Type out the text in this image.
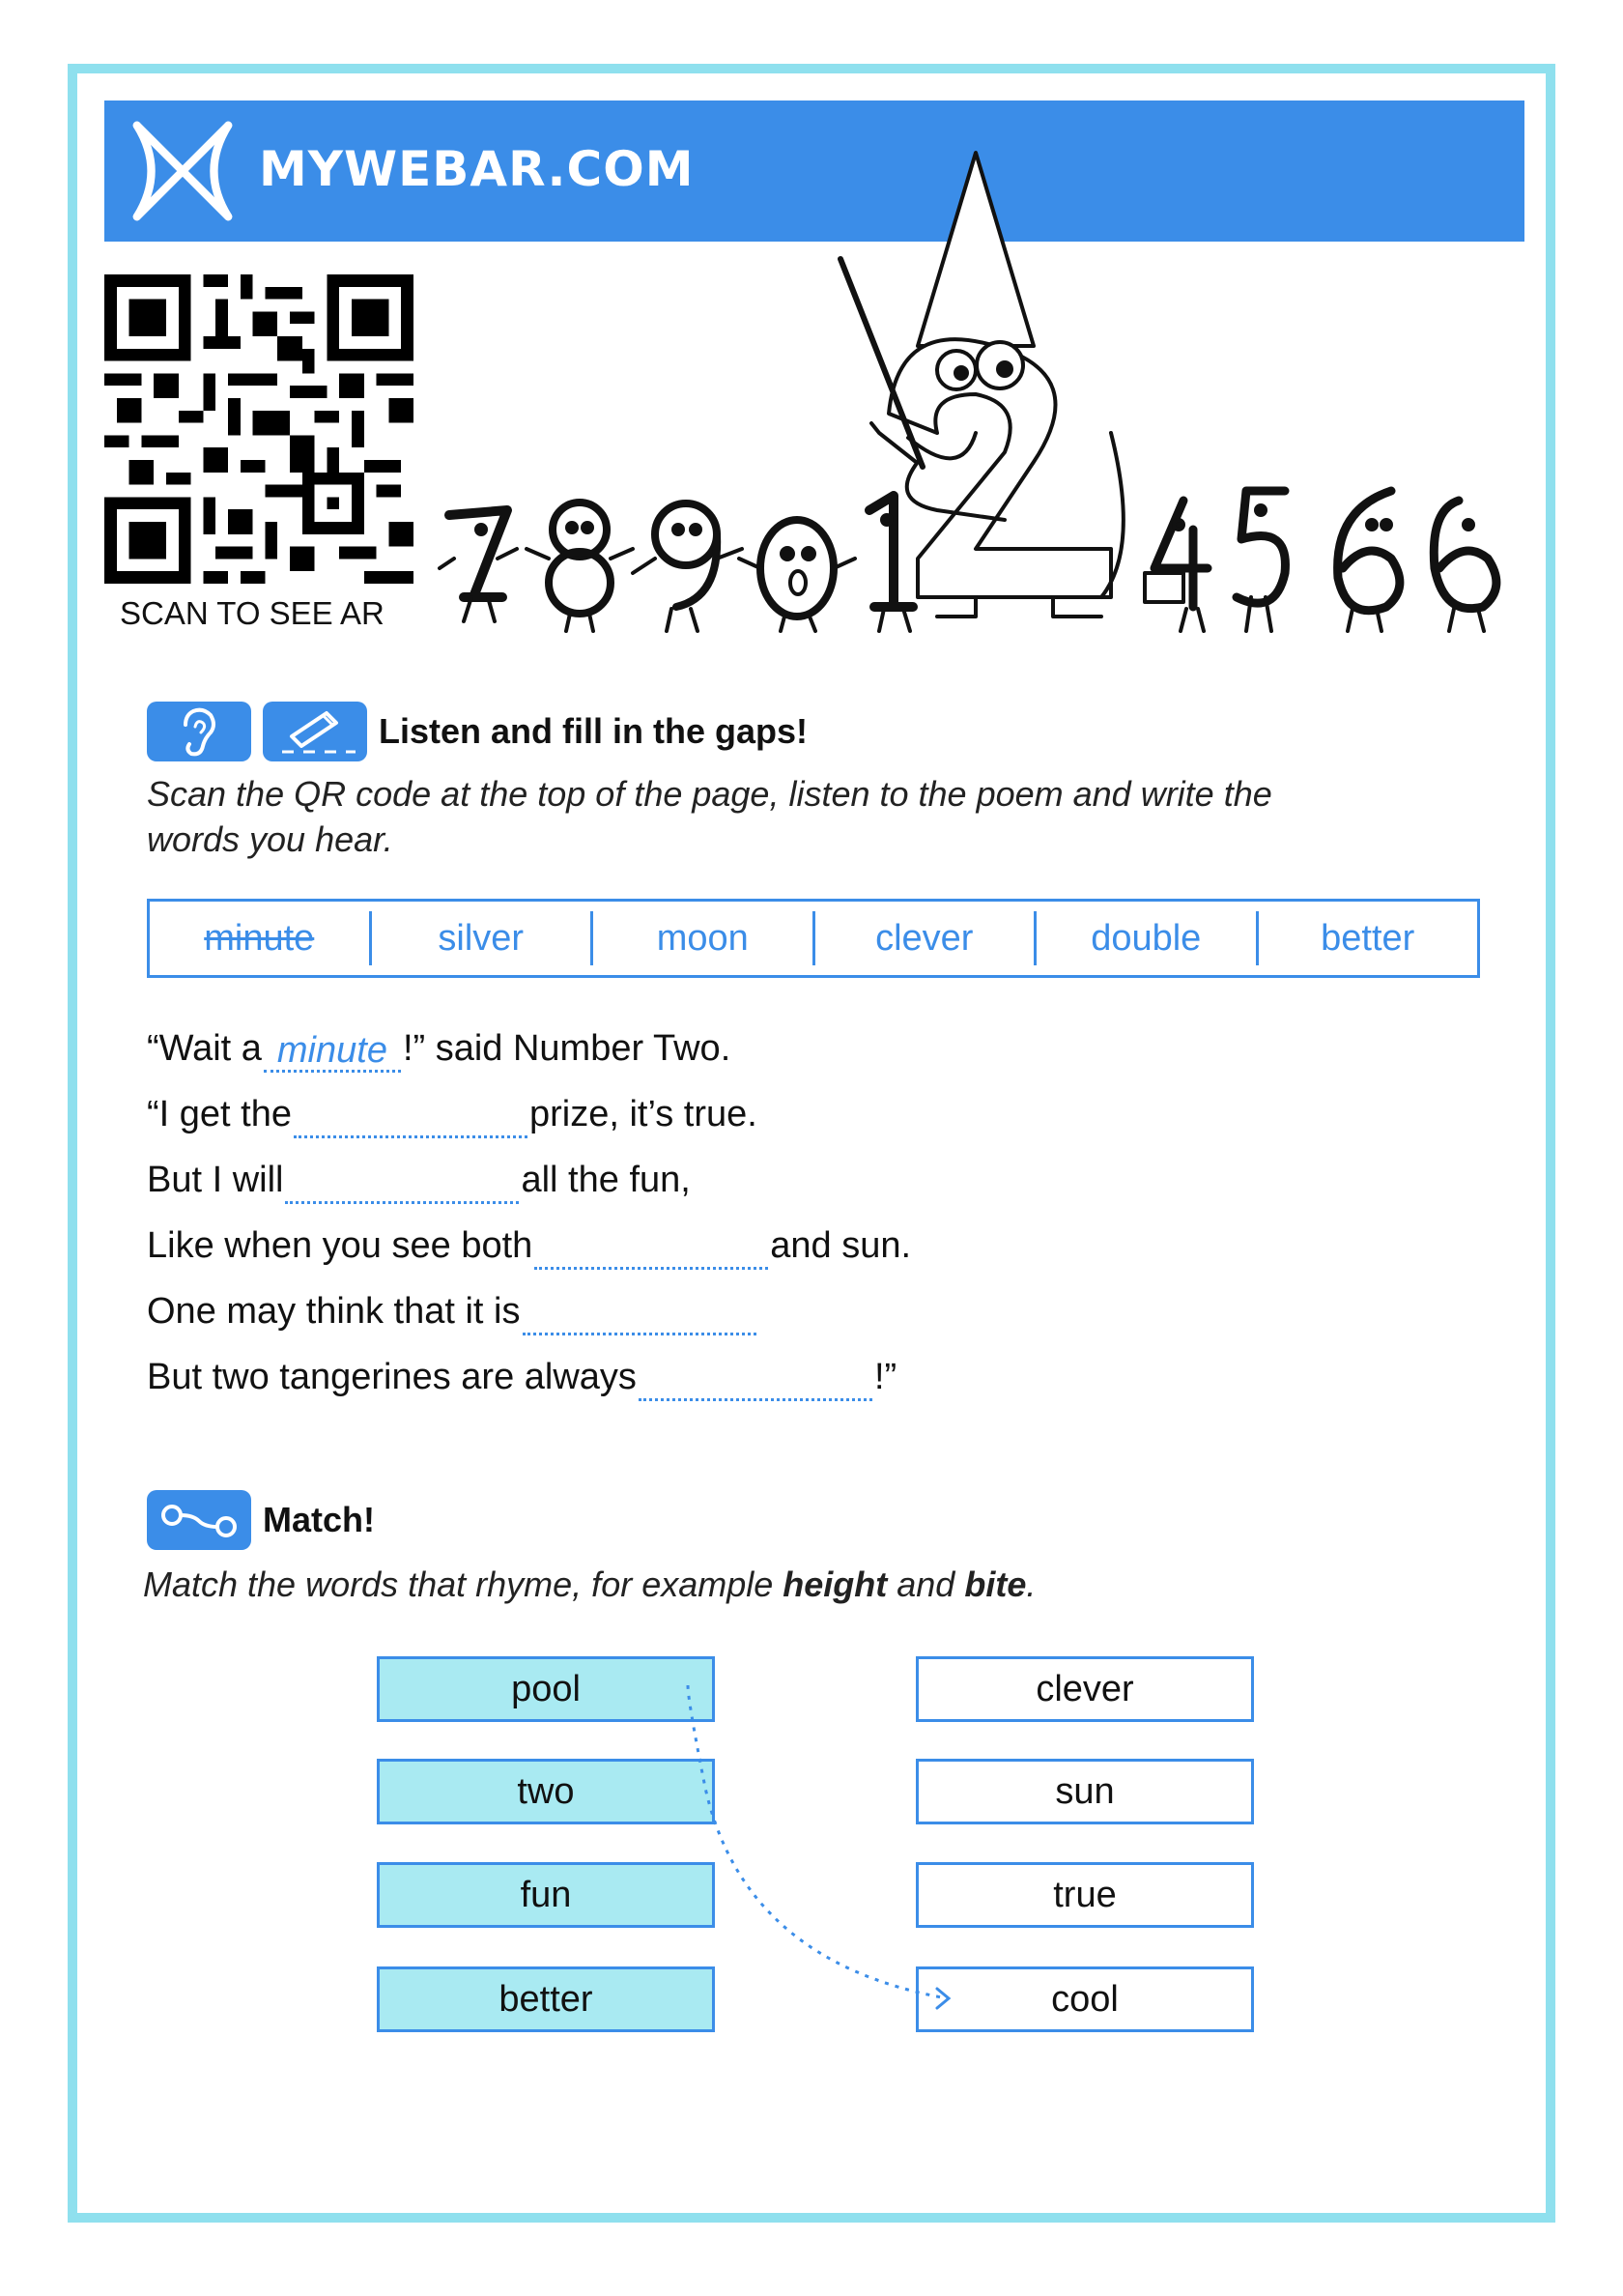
MYWEBAR.COM
SCAN TO SEE AR
Listen and fill in the gaps!
Scan the QR code at the top of the page, listen to the poem and write the
words you hear.
minute	silver	moon	clever	double	better
“Wait a minute !” said Number Two.
“I get the	prize, it’s true.
But I will	all the fun,
Like when you see both	and sun.
One may think that it is
But two tangerines are always	!”
Match!
Match the words that rhyme, for example height and bite.
pool
two
fun
better
clever
sun
true
cool
